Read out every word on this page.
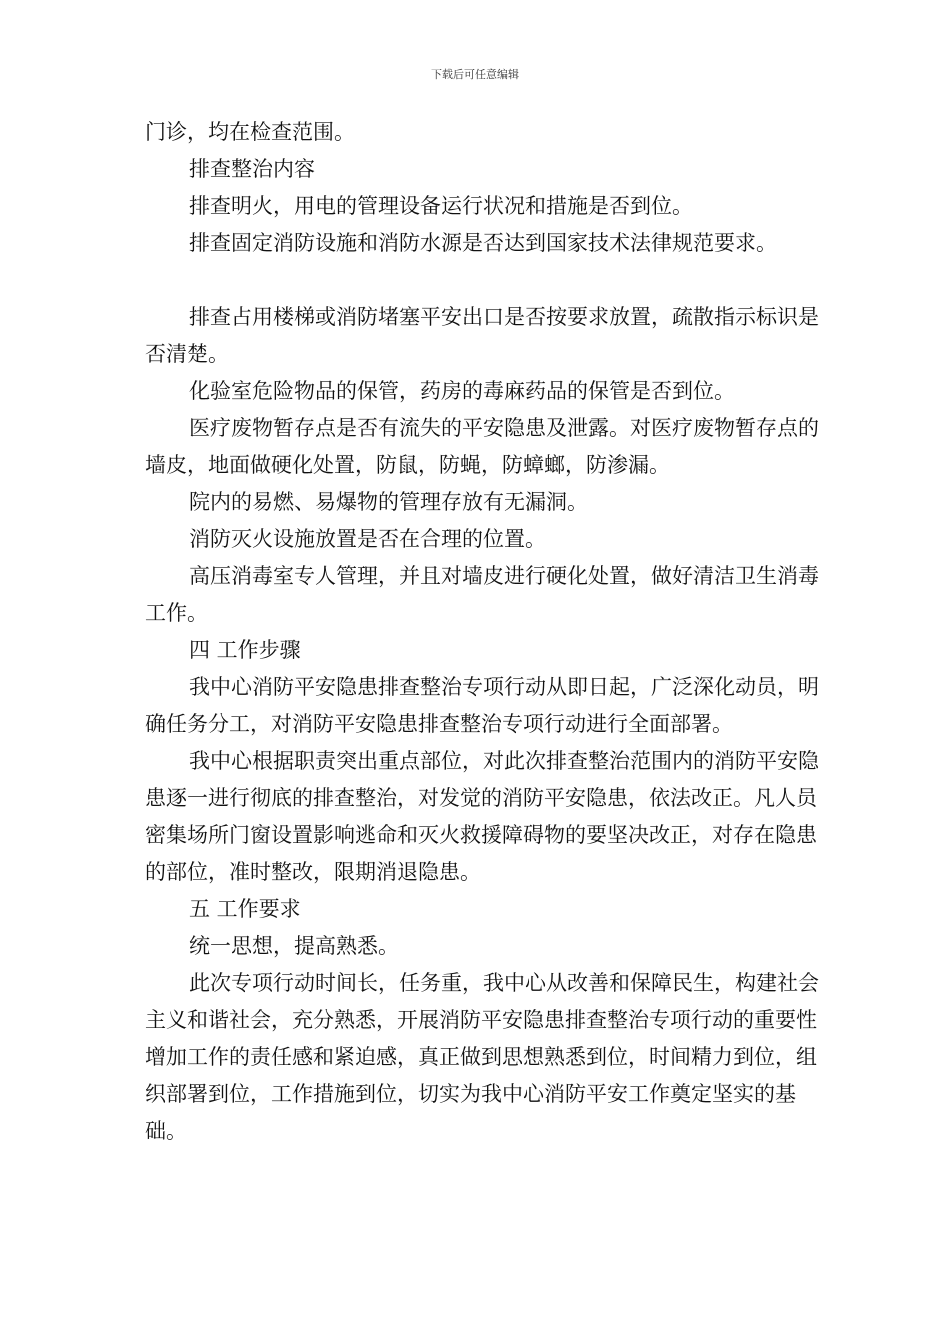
下载后可任意编辑

门诊，均在检查范围。

排查整治内容

排查明火，用电的管理设备运行状况和措施是否到位。

排查固定消防设施和消防水源是否达到国家技术法律规范要求。

排查占用楼梯或消防堵塞平安出口是否按要求放置，疏散指示标识是否清楚。

化验室危险物品的保管，药房的毒麻药品的保管是否到位。

医疗废物暂存点是否有流失的平安隐患及泄露。对医疗废物暂存点的墙皮，地面做硬化处置，防鼠，防蝇，防蟑螂，防渗漏。

院内的易燃、易爆物的管理存放有无漏洞。

消防灭火设施放置是否在合理的位置。

高压消毒室专人管理，并且对墙皮进行硬化处置，做好清洁卫生消毒工作。

四 工作步骤

我中心消防平安隐患排查整治专项行动从即日起，广泛深化动员，明确任务分工，对消防平安隐患排查整治专项行动进行全面部署。

我中心根据职责突出重点部位，对此次排查整治范围内的消防平安隐患逐一进行彻底的排查整治，对发觉的消防平安隐患，依法改正。凡人员密集场所门窗设置影响逃命和灭火救援障碍物的要坚决改正，对存在隐患的部位，准时整改，限期消退隐患。

五 工作要求

统一思想，提高熟悉。

此次专项行动时间长，任务重，我中心从改善和保障民生，构建社会主义和谐社会，充分熟悉，开展消防平安隐患排查整治专项行动的重要性增加工作的责任感和紧迫感，真正做到思想熟悉到位，时间精力到位，组织部署到位，工作措施到位，切实为我中心消防平安工作奠定坚实的基础。
